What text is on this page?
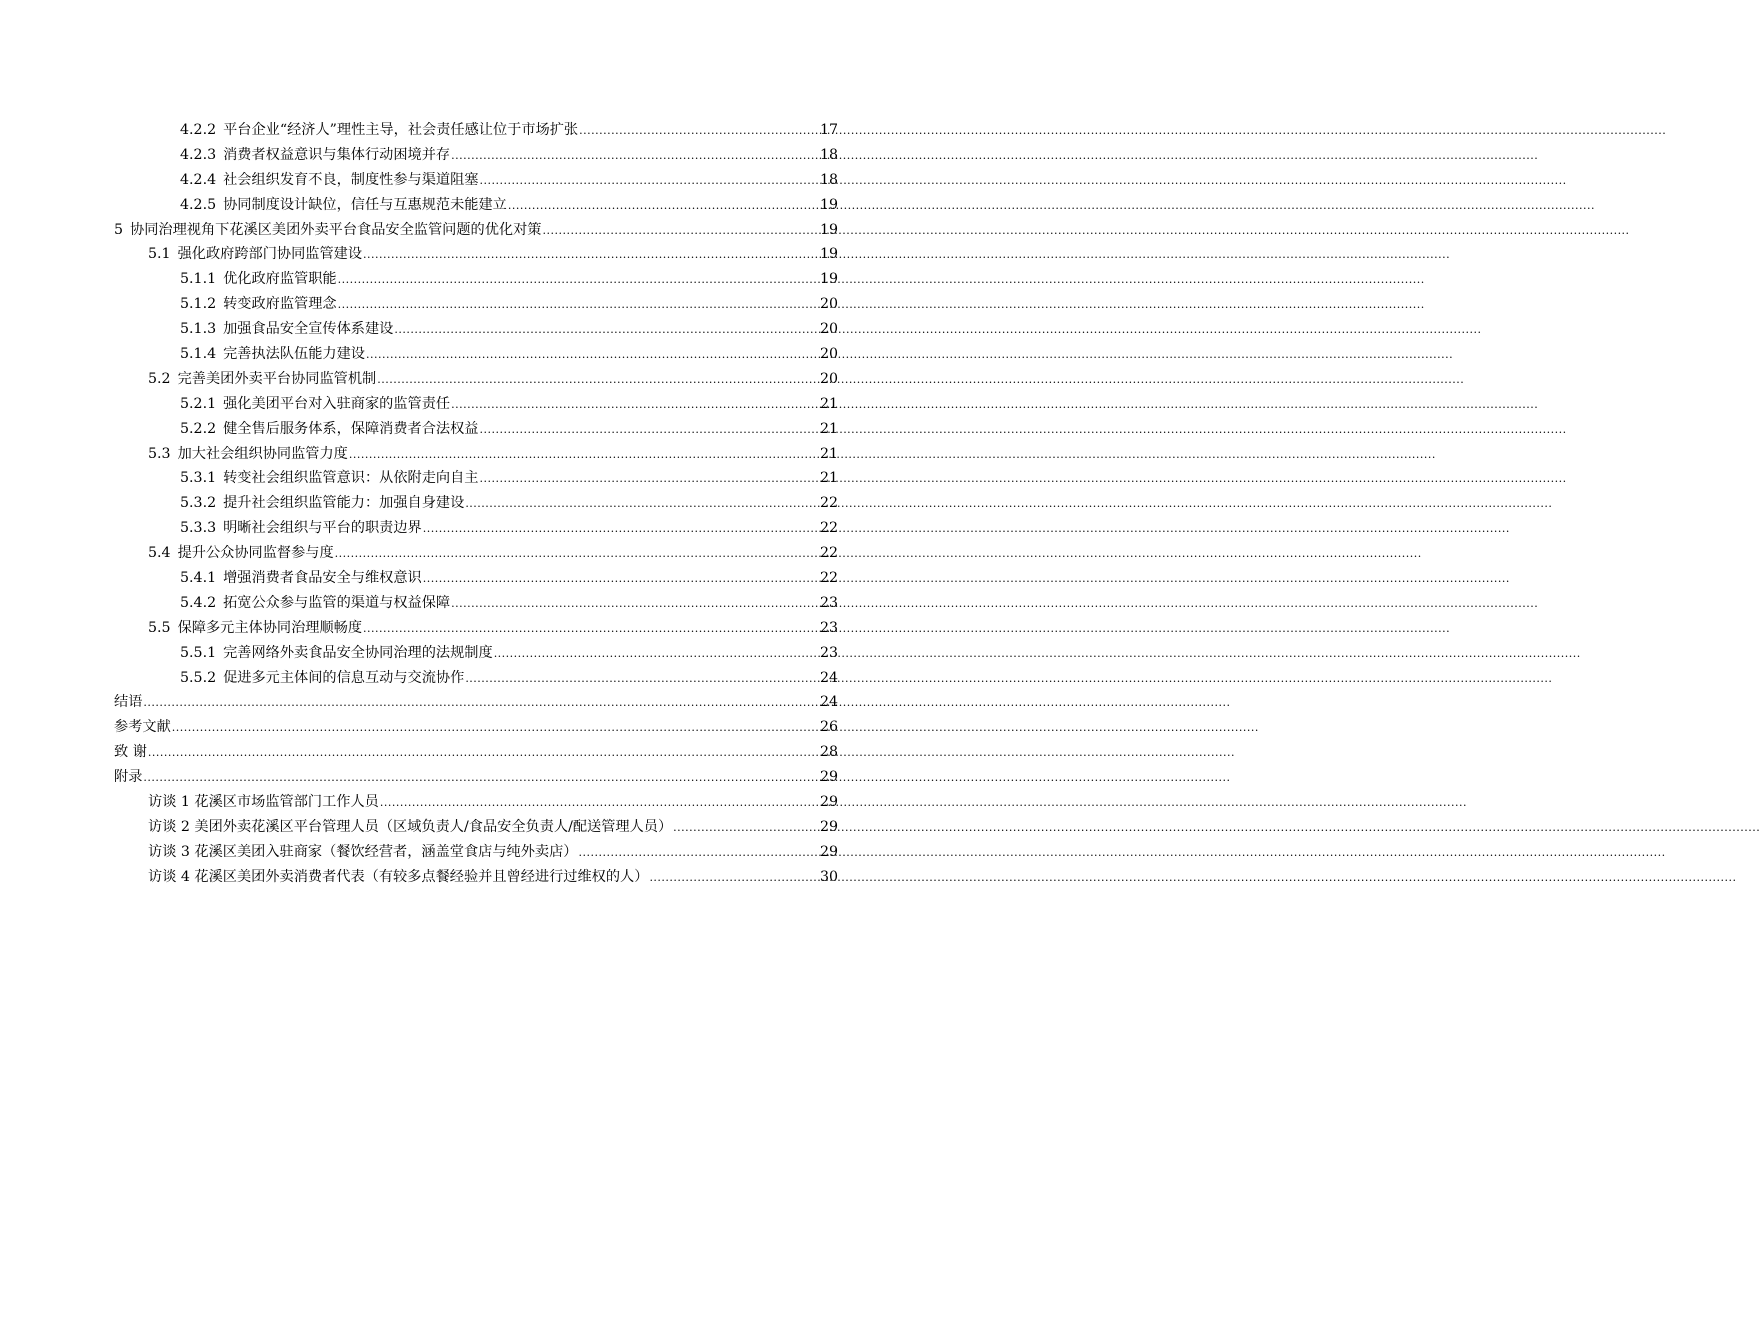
4.2.2 平台企业“经济人”理性主导，社会责任感让位于市场扩张 .....	17
4.2.3 消费者权益意识与集体行动困境并存 .....	18
4.2.4 社会组织发育不良，制度性参与渠道阻塞 .....	18
4.2.5 协同制度设计缺位，信任与互惠规范未能建立 .....	19
5 协同治理视角下花溪区美团外卖平台食品安全监管问题的优化对策 .....	19
5.1 强化政府跨部门协同监管建设 .....	19
5.1.1 优化政府监管职能 .....	19
5.1.2 转变政府监管理念 .....	20
5.1.3 加强食品安全宣传体系建设 .....	20
5.1.4 完善执法队伍能力建设 .....	20
5.2 完善美团外卖平台协同监管机制 .....	20
5.2.1 强化美团平台对入驻商家的监管责任 .....	21
5.2.2 健全售后服务体系，保障消费者合法权益 .....	21
5.3 加大社会组织协同监管力度 .....	21
5.3.1 转变社会组织监管意识：从依附走向自主 .....	21
5.3.2 提升社会组织监管能力：加强自身建设 .....	22
5.3.3 明晰社会组织与平台的职责边界 .....	22
5.4 提升公众协同监督参与度 .....	22
5.4.1 增强消费者食品安全与维权意识 .....	22
5.4.2 拓宽公众参与监管的渠道与权益保障 .....	23
5.5 保障多元主体协同治理顺畅度 .....	23
5.5.1 完善网络外卖食品安全协同治理的法规制度 .....	23
5.5.2 促进多元主体间的信息互动与交流协作 .....	24
结语 .....	24
参考文献 .....	26
致 谢 .....	28
附录 .....	29
访谈 1 花溪区市场监管部门工作人员 .....	29
访谈 2 美团外卖花溪区平台管理人员（区域负责人/食品安全负责人/配送管理人员） .....	29
访谈 3 花溪区美团入驻商家（餐饮经营者，涵盖堂食店与纯外卖店） .....	29
访谈 4 花溪区美团外卖消费者代表（有较多点餐经验并且曾经进行过维权的人） .....	30
